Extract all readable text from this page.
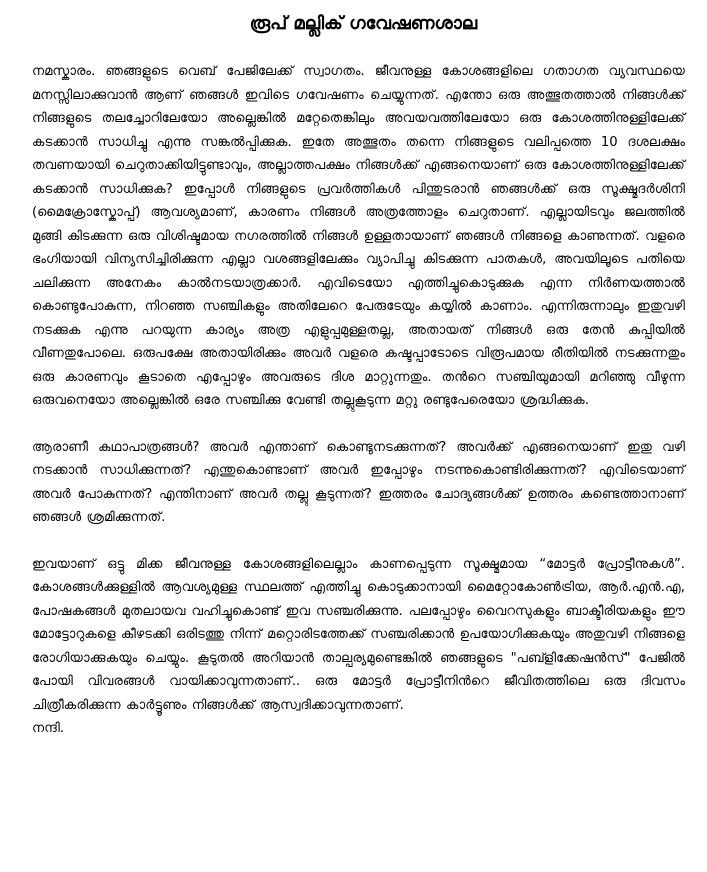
രൂപ് മല്ലിക് ഗവേഷണശാല

നമസ്കാരം. ഞങ്ങളുടെ വെബ് പേജിലേക്ക് സ്വാഗതം. ജീവനുള്ള കോശങ്ങളിലെ ഗതാഗത വ്യവസ്ഥയെ മനസ്സിലാക്കുവാൻ ആണ് ഞങ്ങൾ ഇവിടെ ഗവേഷണം ചെയ്യുന്നത്. എന്തോ ഒരു അത്ഭുതത്താൽ നിങ്ങൾക്ക് നിങ്ങളുടെ തലച്ചോറിലേയോ അല്ലെങ്കിൽ മറ്റേതെങ്കിലും അവയവത്തിലേയോ ഒരു കോശത്തിനുള്ളിലേക്ക് കടക്കാൻ സാധിച്ചു എന്നു സങ്കൽപ്പിക്കുക. ഇതേ അത്ഭുതം തന്നെ നിങ്ങളുടെ വലിപ്പത്തെ 10 ദശലക്ഷം തവണയായി ചെറുതാക്കിയിട്ടുണ്ടാവും, അല്ലാത്തപക്ഷം നിങ്ങൾക്ക് എങ്ങനെയാണ് ഒരു കോശത്തിനുള്ളിലേക്ക് കടക്കാൻ സാധിക്കുക? ഇപ്പോൾ നിങ്ങളുടെ പ്രവർത്തികൾ പിന്തുടരാൻ ഞങ്ങൾക്ക് ഒരു സൂക്ഷ്മദർശിനി (മൈക്രോസ്കോപ്പ്) ആവശ്യമാണ്, കാരണം നിങ്ങൾ അത്രത്തോളം ചെറുതാണ്. എല്ലായിടവും ജലത്തിൽ മുങ്ങി കിടക്കുന്ന ഒരു വിശിഷ്ടമായ നഗരത്തിൽ നിങ്ങൾ ഉള്ളതായാണ് ഞങ്ങൾ നിങ്ങളെ കാണുന്നത്. വളരെ ഭംഗിയായി വിന്യസിച്ചിരിക്കുന്ന എല്ലാ വശങ്ങളിലേക്കും വ്യാപിച്ചു കിടക്കുന്ന പാതകൾ, അവയിലൂടെ പതിയെ ചലിക്കുന്ന അനേകം കാൽനടയാത്രക്കാർ. എവിടെയോ എത്തിച്ചുകൊടുക്കുക എന്ന നിർണയത്താൽ കൊണ്ടുപോകുന്ന, നിറഞ്ഞ സഞ്ചികളും അതിലേറെ പേരുടേയും കയ്യിൽ കാണാം. എന്നിരുന്നാലും ഇതുവഴി നടക്കുക എന്നു പറയുന്ന കാര്യം അത്ര എളുപ്പമുള്ളതല്ല, അതായത് നിങ്ങൾ ഒരു തേൻ കുപ്പിയിൽ വീണതുപോലെ. ഒരുപക്ഷേ അതായിരിക്കും അവർ വളരെ കഷ്ടപ്പാടോടെ വിരൂപമായ രീതിയിൽ നടക്കുന്നതും ഒരു കാരണവും കൂടാതെ എപ്പോഴും അവരുടെ ദിശ മാറ്റുന്നതും. തൻറെ സഞ്ചിയുമായി മറിഞ്ഞു വീഴുന്ന ഒരുവനെയോ അല്ലെങ്കിൽ ഒരേ സഞ്ചിക്കു വേണ്ടി തല്ലുകൂടുന്ന മറ്റു രണ്ടുപേരെയോ ശ്രദ്ധിക്കുക.

ആരാണീ കഥാപാത്രങ്ങൾ? അവർ എന്താണ് കൊണ്ടുനടക്കുന്നത്? അവർക്ക് എങ്ങനെയാണ് ഇതു വഴി നടക്കാൻ സാധിക്കുന്നത്? എന്തുകൊണ്ടാണ് അവർ ഇപ്പോഴും നടന്നുകൊണ്ടിരിക്കുന്നത്? എവിടെയാണ് അവർ പോകുന്നത്? എന്തിനാണ് അവർ തല്ലു കൂടുന്നത്? ഇത്തരം ചോദ്യങ്ങൾക്ക് ഉത്തരം കണ്ടെത്താനാണ് ഞങ്ങൾ ശ്രമിക്കുന്നത്.

ഇവയാണ് ഒട്ടു മിക്ക ജീവനുള്ള കോശങ്ങളിലെല്ലാം കാണപ്പെടുന്ന സൂക്ഷ്മമായ “മോട്ടർ പ്രോട്ടീനുകൾ”. കോശങ്ങൾക്കുള്ളിൽ ആവശ്യമുള്ള സ്ഥലത്ത് എത്തിച്ചു കൊടുക്കാനായി മൈറ്റോകോൺട്രിയ, ആർ.എൻ.എ, പോഷകങ്ങൾ മുതലായവ വഹിച്ചുകൊണ്ട് ഇവ സഞ്ചരിക്കുന്നു. പലപ്പോഴും വൈറസുകളും ബാക്ടീരിയകളും ഈ മോട്ടോറുകളെ കീഴടക്കി ഒരിടത്തു നിന്ന് മറ്റൊരിടത്തേക്ക് സഞ്ചരിക്കാൻ ഉപയോഗിക്കുകയും അതുവഴി നിങ്ങളെ രോഗിയാക്കുകയും ചെയ്യും. കൂടുതൽ അറിയാൻ താല്പര്യമുണ്ടെങ്കിൽ ഞങ്ങളുടെ "പബ്ളിക്കേഷൻസ്" പേജിൽ പോയി വിവരങ്ങൾ വായിക്കാവുന്നതാണ്.. ഒരു മോട്ടർ പ്രോട്ടീനിൻറെ ജീവിതത്തിലെ ഒരു ദിവസം ചിത്രീകരിക്കുന്ന കാർട്ടൂണും നിങ്ങൾക്ക് ആസ്വദിക്കാവുന്നതാണ്.

നന്ദി.
